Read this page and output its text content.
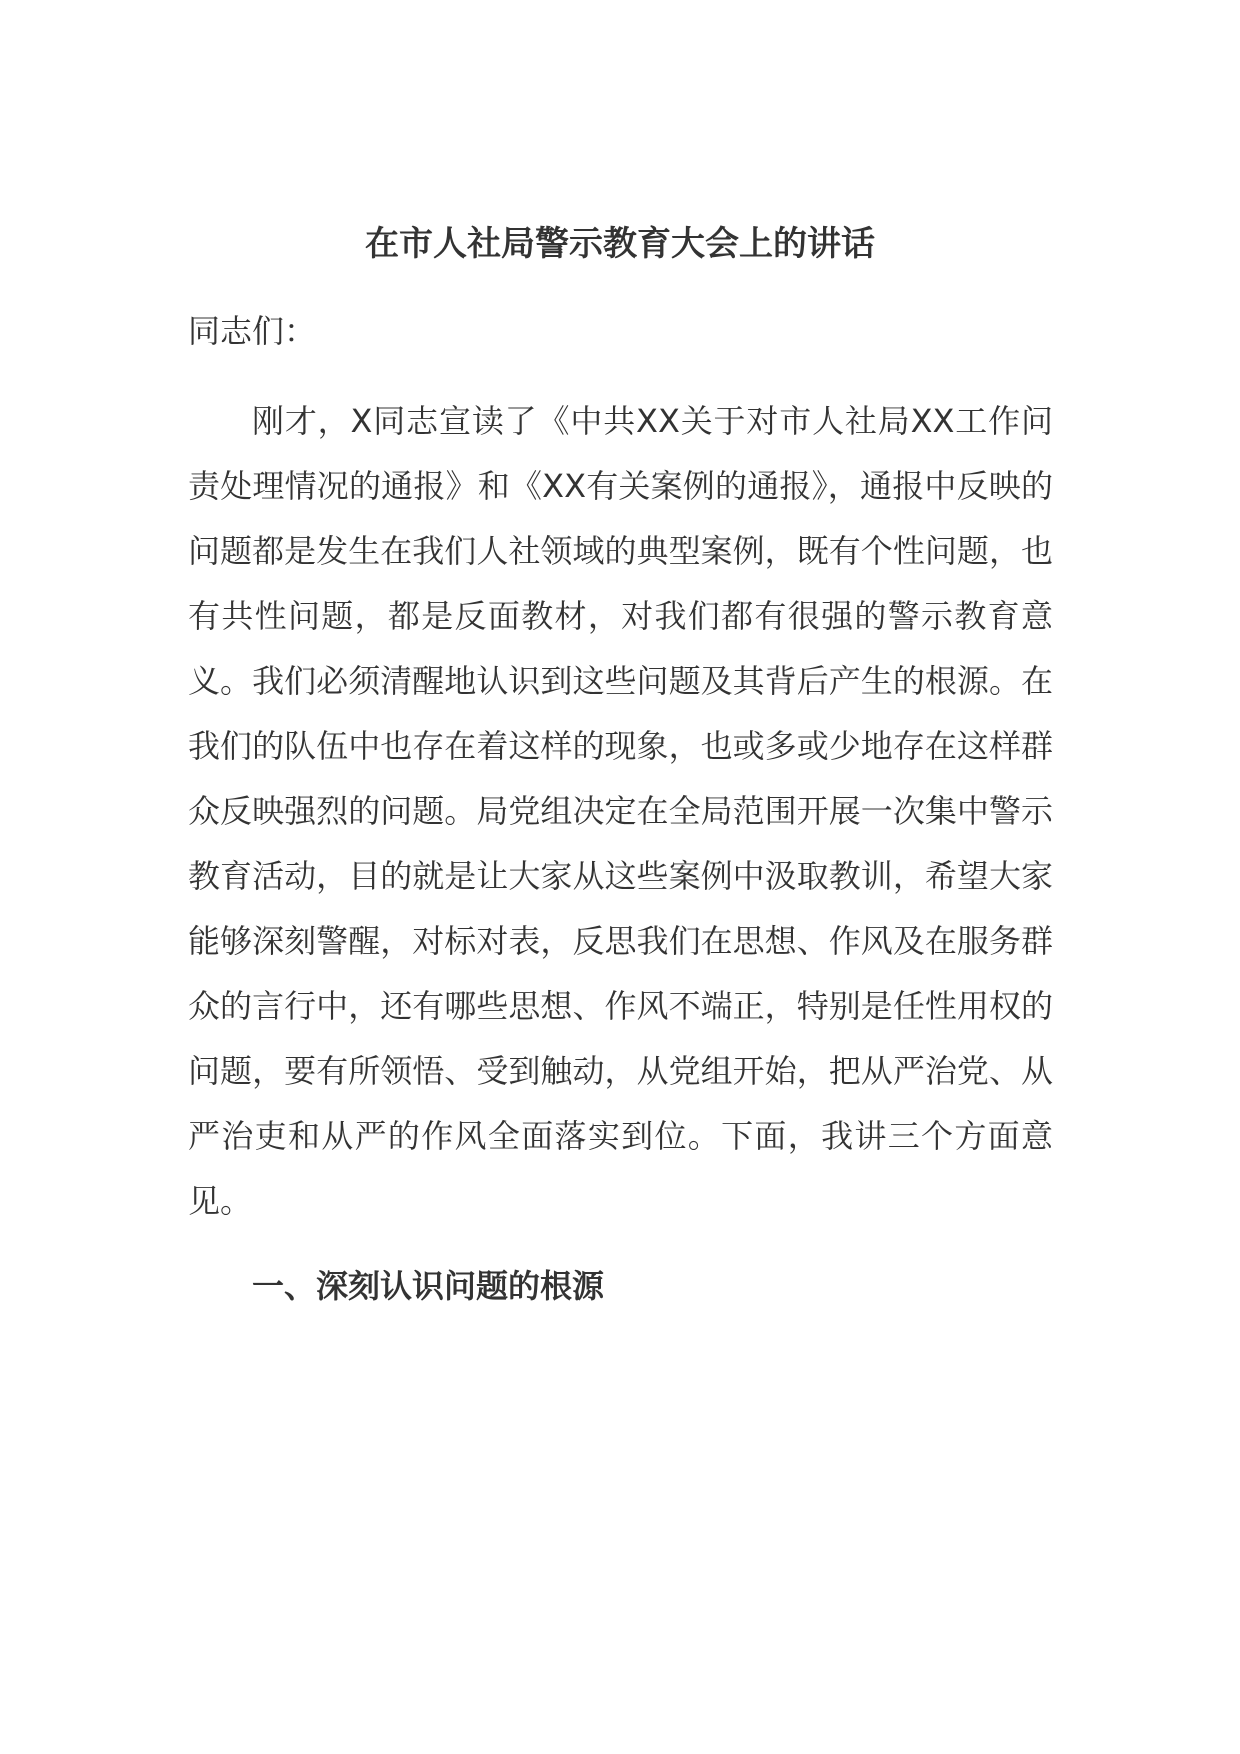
在市人社局警示教育大会上的讲话

同志们：

刚才，X同志宣读了《中共XX关于对市人社局XX工作问责处理情况的通报》和《XX有关案例的通报》，通报中反映的问题都是发生在我们人社领域的典型案例，既有个性问题，也有共性问题，都是反面教材，对我们都有很强的警示教育意义。我们必须清醒地认识到这些问题及其背后产生的根源。在我们的队伍中也存在着这样的现象，也或多或少地存在这样群众反映强烈的问题。局党组决定在全局范围开展一次集中警示教育活动，目的就是让大家从这些案例中汲取教训，希望大家能够深刻警醒，对标对表，反思我们在思想、作风及在服务群众的言行中，还有哪些思想、作风不端正，特别是任性用权的问题，要有所领悟、受到触动，从党组开始，把从严治党、从严治吏和从严的作风全面落实到位。下面，我讲三个方面意见。

一、深刻认识问题的根源
